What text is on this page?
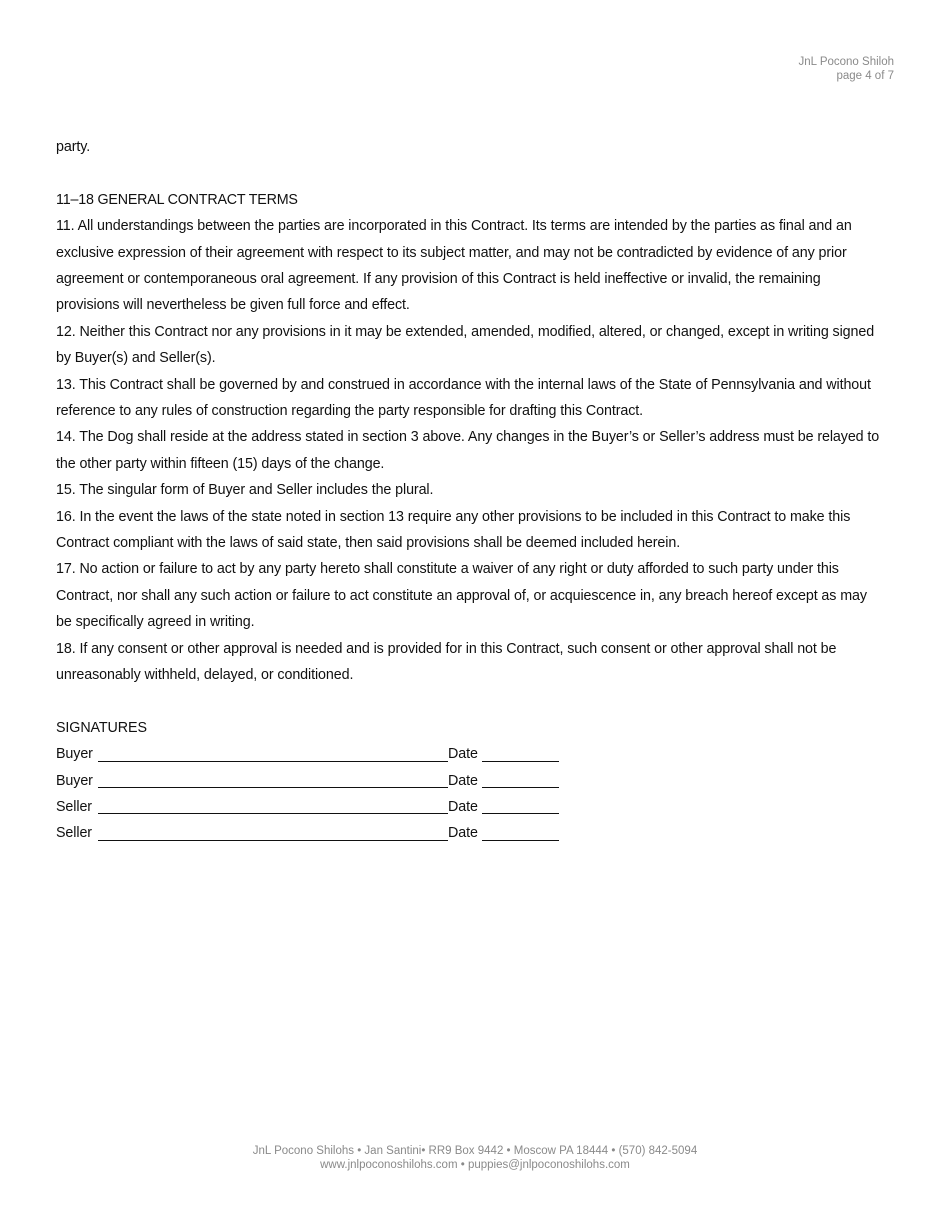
JnL Pocono Shiloh
page 4 of 7

party.

11–18 GENERAL CONTRACT TERMS

11. All understandings between the parties are incorporated in this Contract. Its terms are intended by the parties as final and an exclusive expression of their agreement with respect to its subject matter, and may not be contradicted by evidence of any prior agreement or contemporaneous oral agreement. If any provision of this Contract is held ineffective or invalid, the remaining provisions will nevertheless be given full force and effect.

12. Neither this Contract nor any provisions in it may be extended, amended, modified, altered, or changed, except in writing signed by Buyer(s) and Seller(s).

13. This Contract shall be governed by and construed in accordance with the internal laws of the State of Pennsylvania and without reference to any rules of construction regarding the party responsible for drafting this Contract.

14. The Dog shall reside at the address stated in section 3 above. Any changes in the Buyer’s or Seller’s address must be relayed to the other party within fifteen (15) days of the change.

15. The singular form of Buyer and Seller includes the plural.

16. In the event the laws of the state noted in section 13 require any other provisions to be included in this Contract to make this Contract compliant with the laws of said state, then said provisions shall be deemed included herein.

17. No action or failure to act by any party hereto shall constitute a waiver of any right or duty afforded to such party under this Contract, nor shall any such action or failure to act constitute an approval of, or acquiescence in, any breach hereof except as may be specifically agreed in writing.

18. If any consent or other approval is needed and is provided for in this Contract, such consent or other approval shall not be unreasonably withheld, delayed, or conditioned.

SIGNATURES

Buyer	Date
Buyer	Date
Seller	Date
Seller	Date
JnL Pocono Shilohs • Jan Santini• RR9 Box 9442 • Moscow PA 18444 • (570) 842-5094
www.jnlpoconoshilohs.com • puppies@jnlpoconoshilohs.com
